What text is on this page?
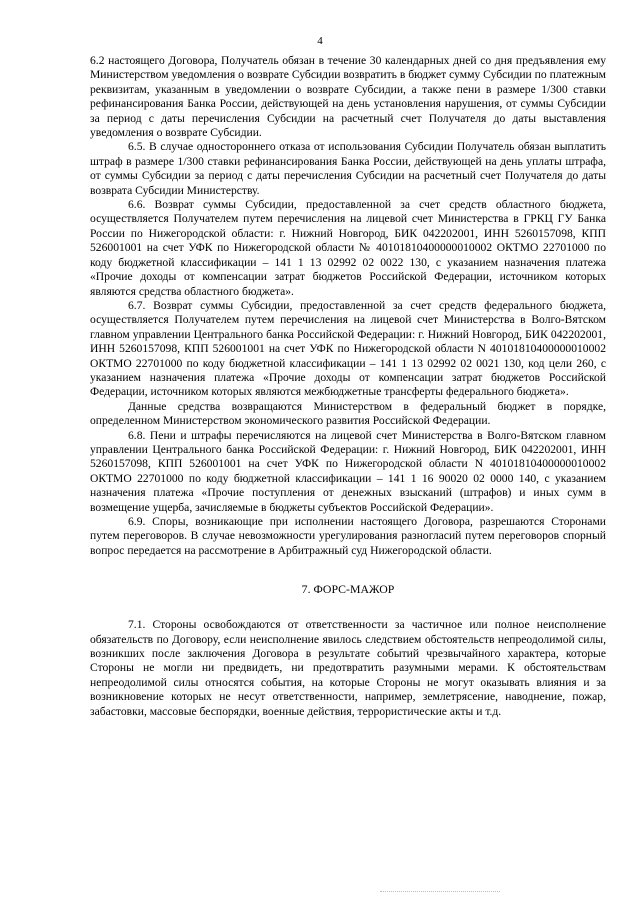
4

6.2 настоящего Договора, Получатель обязан в течение 30 календарных дней со дня предъявления ему Министерством уведомления о возврате Субсидии возвратить в бюджет сумму Субсидии по платежным реквизитам, указанным в уведомлении о возврате Субсидии, а также пени в размере 1/300 ставки рефинансирования Банка России, действующей на день установления нарушения, от суммы Субсидии за период с даты перечисления Субсидии на расчетный счет Получателя до даты выставления уведомления о возврате Субсидии.

6.5. В случае одностороннего отказа от использования Субсидии Получатель обязан выплатить штраф в размере 1/300 ставки рефинансирования Банка России, действующей на день уплаты штрафа, от суммы Субсидии за период с даты перечисления Субсидии на расчетный счет Получателя до даты возврата Субсидии Министерству.

6.6. Возврат суммы Субсидии, предоставленной за счет средств областного бюджета, осуществляется Получателем путем перечисления на лицевой счет Министерства в ГРКЦ ГУ Банка России по Нижегородской области: г. Нижний Новгород, БИК 042202001, ИНН 5260157098, КПП 526001001 на счет УФК по Нижегородской области № 40101810400000010002 ОКТМО 22701000 по коду бюджетной классификации – 141 1 13 02992 02 0022 130, с указанием назначения платежа «Прочие доходы от компенсации затрат бюджетов Российской Федерации, источником которых являются средства областного бюджета».

6.7. Возврат суммы Субсидии, предоставленной за счет средств федерального бюджета, осуществляется Получателем путем перечисления на лицевой счет Министерства в Волго-Вятском главном управлении Центрального банка Российской Федерации: г. Нижний Новгород, БИК 042202001, ИНН 5260157098, КПП 526001001 на счет УФК по Нижегородской области N 40101810400000010002 ОКТМО 22701000 по коду бюджетной классификации – 141 1 13 02992 02 0021 130, код цели 260, с указанием назначения платежа «Прочие доходы от компенсации затрат бюджетов Российской Федерации, источником которых являются межбюджетные трансферты федерального бюджета».

Данные средства возвращаются Министерством в федеральный бюджет в порядке, определенном Министерством экономического развития Российской Федерации.

6.8. Пени и штрафы перечисляются на лицевой счет Министерства в Волго-Вятском главном управлении Центрального банка Российской Федерации: г. Нижний Новгород, БИК 042202001, ИНН 5260157098, КПП 526001001 на счет УФК по Нижегородской области N 40101810400000010002 ОКТМО 22701000 по коду бюджетной классификации – 141 1 16 90020 02 0000 140, с указанием назначения платежа «Прочие поступления от денежных взысканий (штрафов) и иных сумм в возмещение ущерба, зачисляемые в бюджеты субъектов Российской Федерации».

6.9. Споры, возникающие при исполнении настоящего Договора, разрешаются Сторонами путем переговоров. В случае невозможности урегулирования разногласий путем переговоров спорный вопрос передается на рассмотрение в Арбитражный суд Нижегородской области.

7. ФОРС-МАЖОР

7.1. Стороны освобождаются от ответственности за частичное или полное неисполнение обязательств по Договору, если неисполнение явилось следствием обстоятельств непреодолимой силы, возникших после заключения Договора в результате событий чрезвычайного характера, которые Стороны не могли ни предвидеть, ни предотвратить разумными мерами. К обстоятельствам непреодолимой силы относятся события, на которые Стороны не могут оказывать влияния и за возникновение которых не несут ответственности, например, землетрясение, наводнение, пожар, забастовки, массовые беспорядки, военные действия, террористические акты и т.д.
